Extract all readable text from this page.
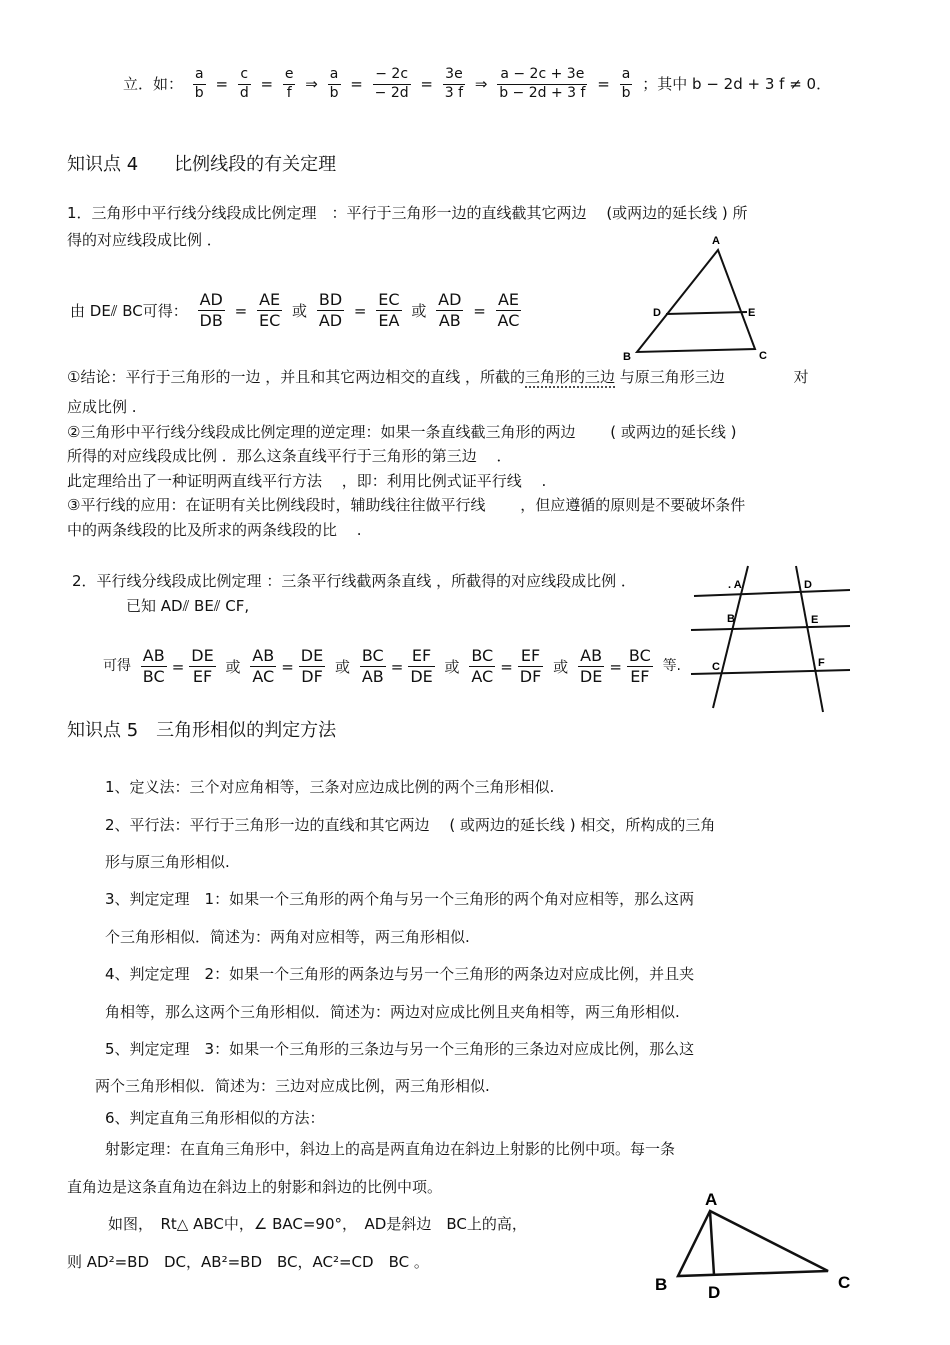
立．如： $\frac{a}{b} = \frac{c}{d} = \frac{e}{f}$ ⇒ $\frac{a}{b} = \frac{- 2c}{- 2d} = \frac{3e}{3 f}$ ⇒ $\frac{a - 2c + 3e}{b - 2d + 3 f} = \frac{a}{b}$ ；其中 b − 2d + 3 f ≠ 0．
知识点 4　　比例线段的有关定理
1．三角形中平行线分线段成比例定理　：平行于三角形一边的直线截其它两边　 (或两边的延长线 ) 所
得的对应线段成比例 ．
由 DE⫽ BC可得： $\frac{AD}{DB} = \frac{AE}{EC}$ 或 $\frac{BD}{AD} = \frac{EC}{EA}$ 或 $\frac{AD}{AB} = \frac{AE}{AC}$
A
D	E
B	C
①结论：平行于三角形的一边 ，并且和其它两边相交的直线 ，所截的三角形的三边 与原三角形三边	对
应成比例 .
②三角形中平行线分线段成比例定理的逆定理：如果一条直线截三角形的两边　　 ( 或两边的延长线 )
所得的对应线段成比例 ．那么这条直线平行于三角形的第三边 　．
此定理给出了一种证明两直线平行方法 　，即：利用比例式证平行线 　.
③平行线的应用：在证明有关比例线段时，辅助线往往做平行线　　 ，但应遵循的原则是不要破坏条件
中的两条线段的比及所求的两条线段的比 　.
2．平行线分线段成比例定理 ：三条平行线截两条直线 ，所截得的对应线段成比例 ．
已知 AD⫽ BE⫽ CF,
. A	D
B	E
C	F
可得 $\frac{AB}{BC} = \frac{DE}{EF}$ 或 $\frac{AB}{AC} = \frac{DE}{DF}$ 或 $\frac{BC}{AB} = \frac{EF}{DE}$ 或 $\frac{BC}{AC} = \frac{EF}{DF}$ 或 $\frac{AB}{DE} = \frac{BC}{EF}$ 等.
知识点 5　三角形相似的判定方法
1、定义法：三个对应角相等，三条对应边成比例的两个三角形相似.
2、平行法：平行于三角形一边的直线和其它两边　 ( 或两边的延长线 ) 相交，所构成的三角
形与原三角形相似.
3、判定定理　1：如果一个三角形的两个角与另一个三角形的两个角对应相等，那么这两
个三角形相似．简述为：两角对应相等，两三角形相似.
4、判定定理　2：如果一个三角形的两条边与另一个三角形的两条边对应成比例，并且夹
角相等，那么这两个三角形相似．简述为：两边对应成比例且夹角相等，两三角形相似.
5、判定定理　3：如果一个三角形的三条边与另一个三角形的三条边对应成比例，那么这
两个三角形相似．简述为：三边对应成比例，两三角形相似.
6、判定直角三角形相似的方法：
射影定理：在直角三角形中，斜边上的高是两直角边在斜边上射影的比例中项。每一条
直角边是这条直角边在斜边上的射影和斜边的比例中项。
如图，　Rt△ ABC中，∠ BAC=90°，　AD是斜边　BC上的高，
则 AD²=BD　DC，AB²=BD　BC，AC²=CD　BC 。
A
B	C
D
